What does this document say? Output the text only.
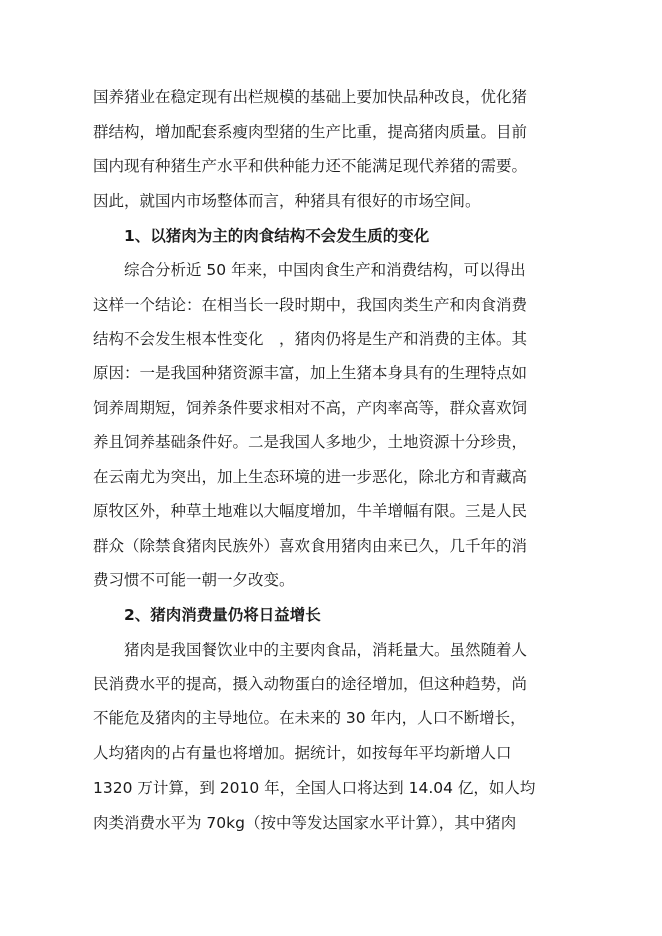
国养猪业在稳定现有出栏规模的基础上要加快品种改良，优化猪
群结构，增加配套系瘦肉型猪的生产比重，提高猪肉质量。目前
国内现有种猪生产水平和供种能力还不能满足现代养猪的需要。
因此，就国内市场整体而言，种猪具有很好的市场空间。
1、以猪肉为主的肉食结构不会发生质的变化
综合分析近 50 年来，中国肉食生产和消费结构，可以得出
这样一个结论：在相当长一段时期中，我国肉类生产和肉食消费
结构不会发生根本性变化　，猪肉仍将是生产和消费的主体。其
原因：一是我国种猪资源丰富，加上生猪本身具有的生理特点如
饲养周期短，饲养条件要求相对不高，产肉率高等，群众喜欢饲
养且饲养基础条件好。二是我国人多地少，土地资源十分珍贵，
在云南尤为突出，加上生态环境的进一步恶化，除北方和青藏高
原牧区外，种草土地难以大幅度增加，牛羊增幅有限。三是人民
群众（除禁食猪肉民族外）喜欢食用猪肉由来已久，几千年的消
费习惯不可能一朝一夕改变。
2、猪肉消费量仍将日益增长
猪肉是我国餐饮业中的主要肉食品，消耗量大。虽然随着人
民消费水平的提高，摄入动物蛋白的途径增加，但这种趋势，尚
不能危及猪肉的主导地位。在未来的 30 年内，人口不断增长，
人均猪肉的占有量也将增加。据统计，如按每年平均新增人口
1320 万计算，到 2010 年，全国人口将达到 14.04 亿，如人均
肉类消费水平为 70kg（按中等发达国家水平计算），其中猪肉
